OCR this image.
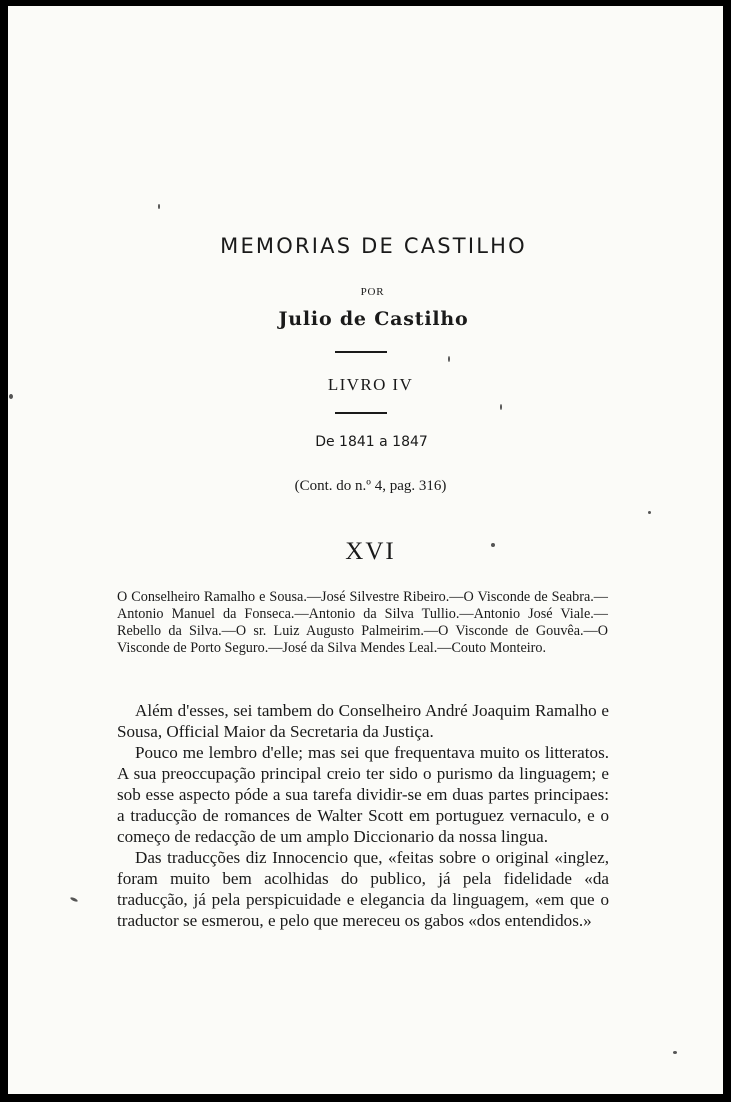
MEMORIAS DE CASTILHO
POR
Julio de Castilho
LIVRO IV
De 1841 a 1847
(Cont. do n.º 4, pag. 316)
XVI
O Conselheiro Ramalho e Sousa.—José Silvestre Ribeiro.—O Visconde de Seabra.—Antonio Manuel da Fonseca.—Antonio da Silva Tullio.—Antonio José Viale.—Rebello da Silva.—O sr. Luiz Augusto Palmeirim.—O Visconde de Gouvêa.—O Visconde de Porto Seguro.—José da Silva Mendes Leal.—Couto Monteiro.

Além d'esses, sei tambem do Conselheiro André Joaquim Ramalho e Sousa, Official Maior da Secretaria da Justiça.

Pouco me lembro d'elle; mas sei que frequentava muito os litteratos. A sua preoccupação principal creio ter sido o purismo da linguagem; e sob esse aspecto póde a sua tarefa dividir-se em duas partes principaes: a traducção de romances de Walter Scott em portuguez vernaculo, e o começo de redacção de um amplo Diccionario da nossa lingua.

Das traducções diz Innocencio que, «feitas sobre o original «inglez, foram muito bem acolhidas do publico, já pela fidelidade «da traducção, já pela perspicuidade e elegancia da linguagem, «em que o traductor se esmerou, e pelo que mereceu os gabos «dos entendidos.»
